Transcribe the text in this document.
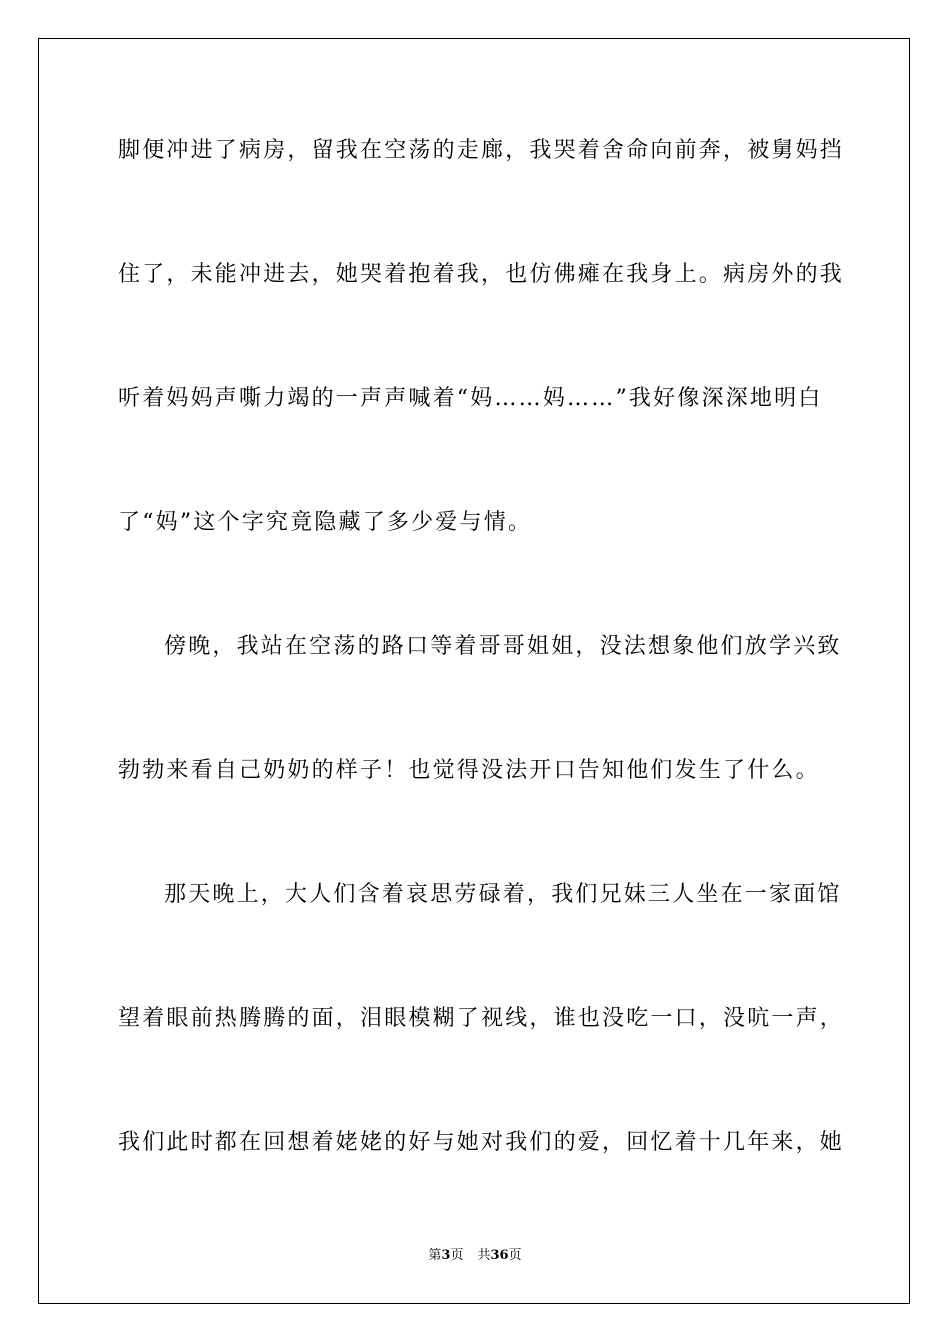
脚便冲进了病房，留我在空荡的走廊，我哭着舍命向前奔，被舅妈挡
住了，未能冲进去，她哭着抱着我，也仿佛瘫在我身上。病房外的我
听着妈妈声嘶力竭的一声声喊着“妈……妈……”我好像深深地明白
了“妈”这个字究竟隐藏了多少爱与情。
傍晚，我站在空荡的路口等着哥哥姐姐，没法想象他们放学兴致
勃勃来看自己奶奶的样子！也觉得没法开口告知他们发生了什么。
那天晚上，大人们含着哀思劳碌着，我们兄妹三人坐在一家面馆
望着眼前热腾腾的面，泪眼模糊了视线，谁也没吃一口，没吭一声，
我们此时都在回想着姥姥的好与她对我们的爱，回忆着十几年来，她
第3页 共36页
